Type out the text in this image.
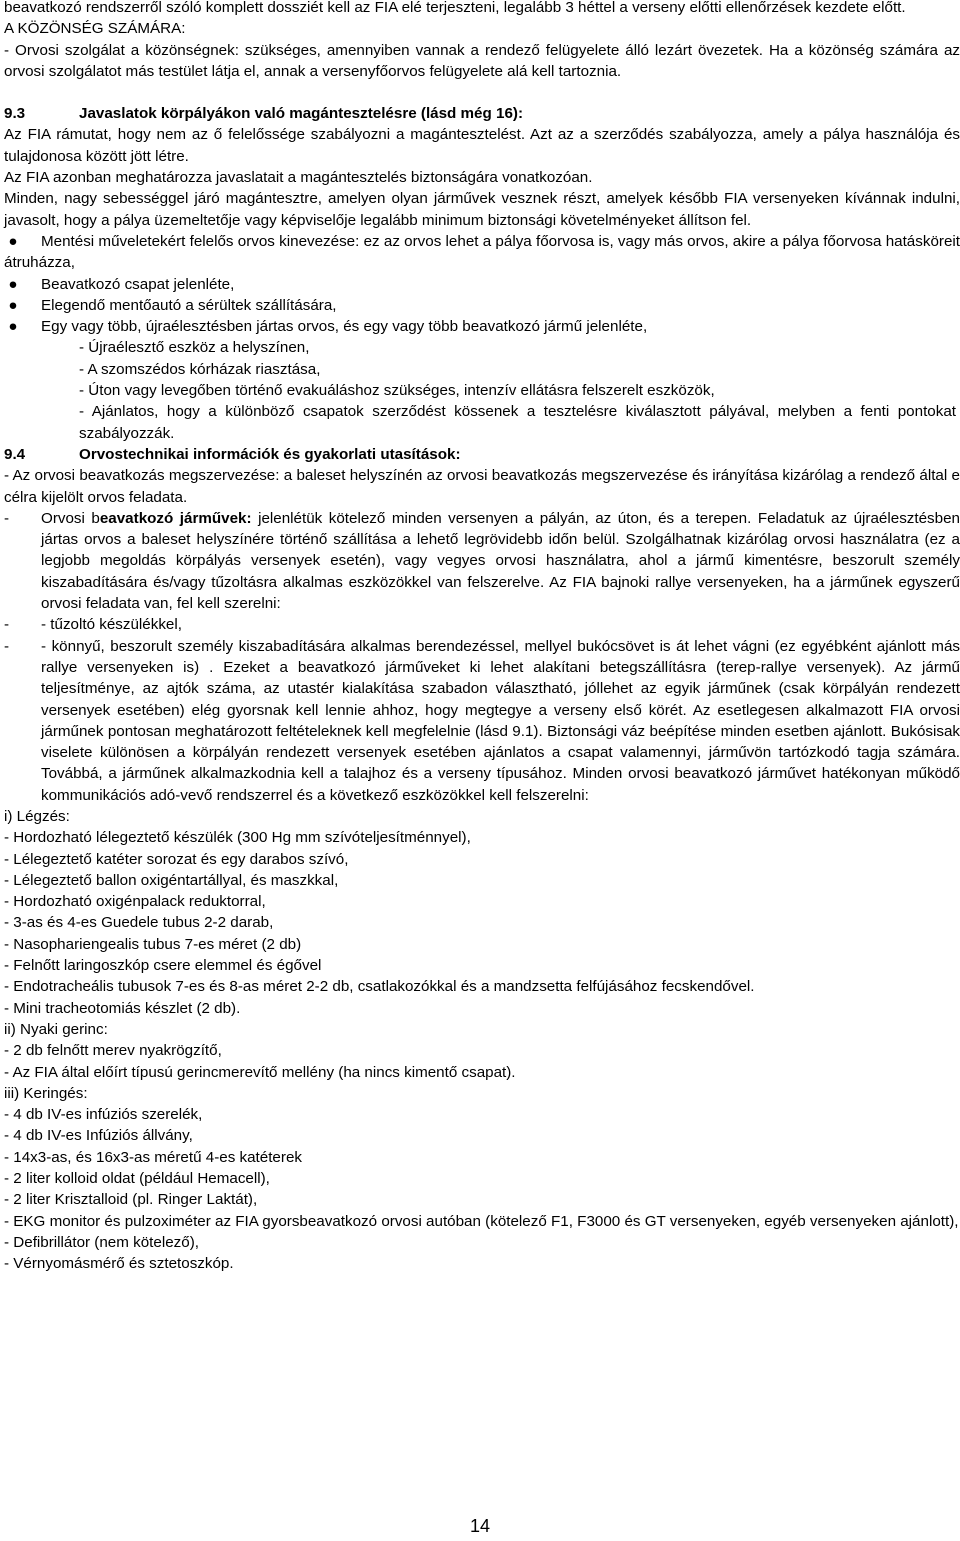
beavatkozó rendszerről szóló komplett dossziét kell az FIA elé terjeszteni, legalább 3 héttel a verseny előtti ellenőrzések kezdete előtt.

A KÖZÖNSÉG SZÁMÁRA:

- Orvosi szolgálat a közönségnek: szükséges, amennyiben vannak a rendező felügyelete álló lezárt övezetek. Ha a közönség számára az orvosi szolgálatot más testület látja el, annak a versenyfőorvos felügyelete alá kell tartoznia.

9.3	Javaslatok körpályákon való magántesztelésre (lásd még 16):

Az FIA rámutat, hogy nem az ő felelőssége szabályozni a magántesztelést. Azt az a szerződés szabályozza, amely a pálya használója és tulajdonosa között jött létre.

Az FIA azonban meghatározza javaslatait a magántesztelés biztonságára vonatkozóan.

Minden, nagy sebességgel járó magántesztre, amelyen olyan járművek vesznek részt, amelyek később FIA versenyeken kívánnak indulni, javasolt, hogy a pálya üzemeltetője vagy képviselője legalább minimum biztonsági követelményeket állítson fel.

● Mentési műveletekért felelős orvos kinevezése: ez az orvos lehet a pálya főorvosa is, vagy más orvos, akire a pálya főorvosa hatásköreit átruházza,
● Beavatkozó csapat jelenléte,
● Elegendő mentőautó a sérültek szállítására,
● Egy vagy több, újraélesztésben jártas orvos, és egy vagy több beavatkozó jármű jelenléte,
- Újraélesztő eszköz a helyszínen,
- A szomszédos kórházak riasztása,
- Úton vagy levegőben történő evakuáláshoz szükséges, intenzív ellátásra felszerelt eszközök,
- Ajánlatos, hogy a különböző csapatok szerződést kössenek a tesztelésre kiválasztott pályával, melyben a fenti pontokat szabályozzák.
9.4	Orvostechnikai információk és gyakorlati utasítások:

- Az orvosi beavatkozás megszervezése: a baleset helyszínén az orvosi beavatkozás megszervezése és irányítása kizárólag a rendező által e célra kijelölt orvos feladata.

- Orvosi beavatkozó járművek: jelenlétük kötelező minden versenyen a pályán, az úton, és a terepen. Feladatuk az újraélesztésben jártas orvos a baleset helyszínére történő szállítása a lehető legrövidebb időn belül. Szolgálhatnak kizárólag orvosi használatra (ez a legjobb megoldás körpályás versenyek esetén), vagy vegyes orvosi használatra, ahol a jármű kimentésre, beszorult személy kiszabadítására és/vagy tűzoltásra alkalmas eszközökkel van felszerelve. Az FIA bajnoki rallye versenyeken, ha a járműnek egyszerű orvosi feladata van, fel kell szerelni:
- - tűzoltó készülékkel,
- - könnyű, beszorult személy kiszabadítására alkalmas berendezéssel, mellyel bukócsövet is át lehet vágni (ez egyébként ajánlott más rallye versenyeken is) . Ezeket a beavatkozó járműveket ki lehet alakítani betegszállításra (terep-rallye versenyek). Az jármű teljesítménye, az ajtók száma, az utastér kialakítása szabadon választható, jóllehet az egyik járműnek (csak körpályán rendezett versenyek esetében) elég gyorsnak kell lennie ahhoz, hogy megtegye a verseny első körét. Az esetlegesen alkalmazott FIA orvosi járműnek pontosan meghatározott feltételeknek kell megfelelnie (lásd 9.1). Biztonsági váz beépítése minden esetben ajánlott. Bukósisak viselete különösen a körpályán rendezett versenyek esetében ajánlatos a csapat valamennyi, járművön tartózkodó tagja számára. Továbbá, a járműnek alkalmazkodnia kell a talajhoz és a verseny típusához. Minden orvosi beavatkozó járművet hatékonyan működő kommunikációs adó-vevő rendszerrel és a következő eszközökkel kell felszerelni:

i) Légzés:

- Hordozható lélegeztető készülék (300 Hg mm szívóteljesítménnyel),
- Lélegeztető katéter sorozat és egy darabos szívó,
- Lélegeztető ballon oxigéntartállyal, és maszkkal,
- Hordozható oxigénpalack reduktorral,
- 3-as és 4-es Guedele tubus 2-2 darab,
- Nasophariengealis tubus 7-es méret (2 db)
- Felnőtt laringoszkóp csere elemmel és égővel
- Endotracheális tubusok 7-es és 8-as méret 2-2 db, csatlakozókkal és a mandzsetta felfújásához fecskendővel.
- Mini tracheotomiás készlet (2 db).

ii) Nyaki gerinc:

- 2 db felnőtt merev nyakrögzítő,
- Az FIA által előírt típusú gerincmerevítő mellény (ha nincs kimentő csapat).

iii) Keringés:

- 4 db IV-es infúziós szerelék,
- 4 db IV-es Infúziós állvány,
- 14x3-as, és 16x3-as méretű 4-es katéterek
- 2 liter kolloid oldat (például Hemacell),
- 2 liter Krisztalloid (pl. Ringer Laktát),
- EKG monitor és pulzoximéter az FIA gyorsbeavatkozó orvosi autóban (kötelező F1, F3000 és GT versenyeken, egyéb versenyeken ajánlott),
- Defibrillátor (nem kötelező),
- Vérnyomásmérő és sztetoszkóp.
14
